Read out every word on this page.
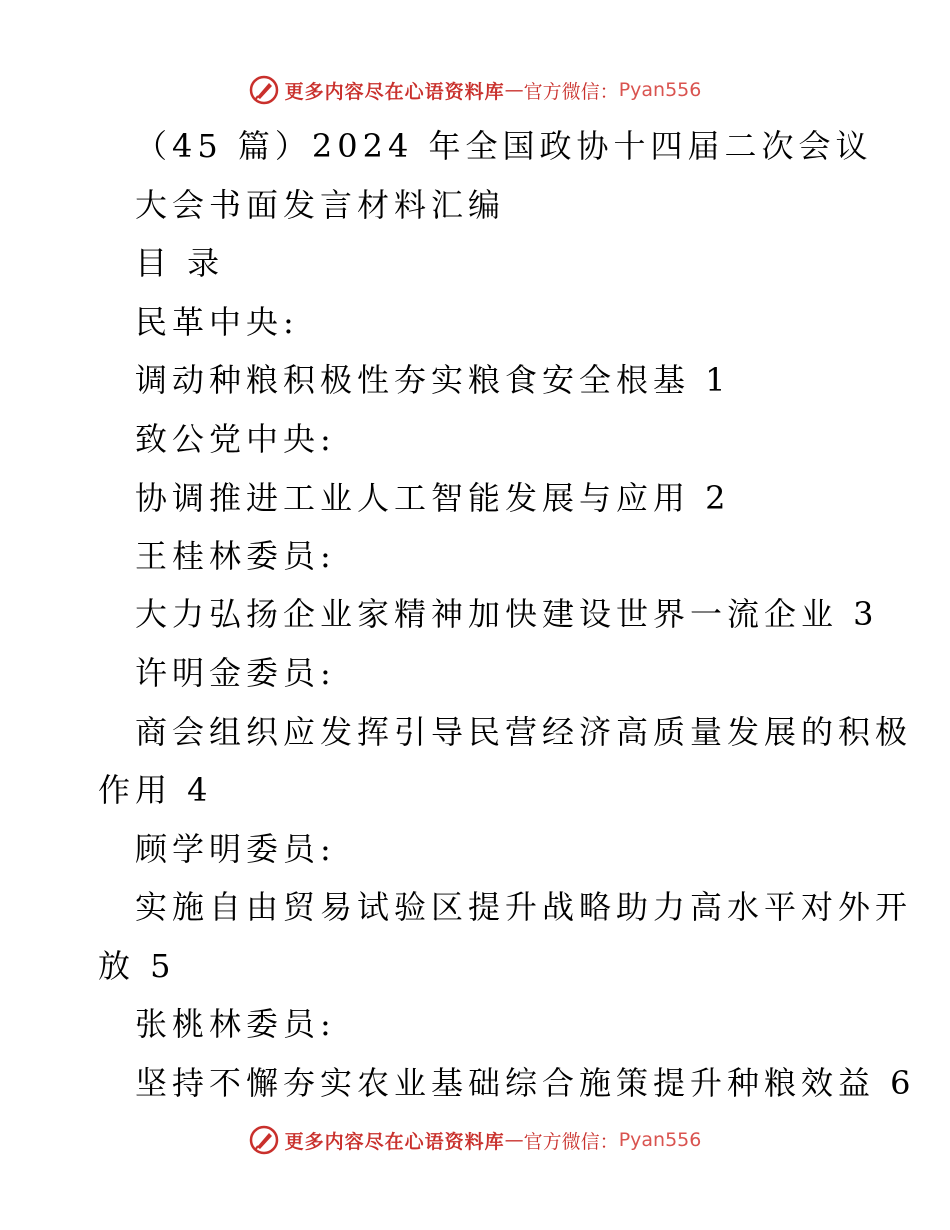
更多内容尽在心语资料库 — 官方微信： Pyan556
（45 篇）2024 年全国政协十四届二次会议
大会书面发言材料汇编
目 录
民革中央:
调动种粮积极性夯实粮食安全根基 1
致公党中央:
协调推进工业人工智能发展与应用 2
王桂林委员:
大力弘扬企业家精神加快建设世界一流企业 3
许明金委员:
商会组织应发挥引导民营经济高质量发展的积极
作用 4
顾学明委员:
实施自由贸易试验区提升战略助力高水平对外开
放 5
张桃林委员:
坚持不懈夯实农业基础综合施策提升种粮效益 6
更多内容尽在心语资料库 — 官方微信： Pyan556
